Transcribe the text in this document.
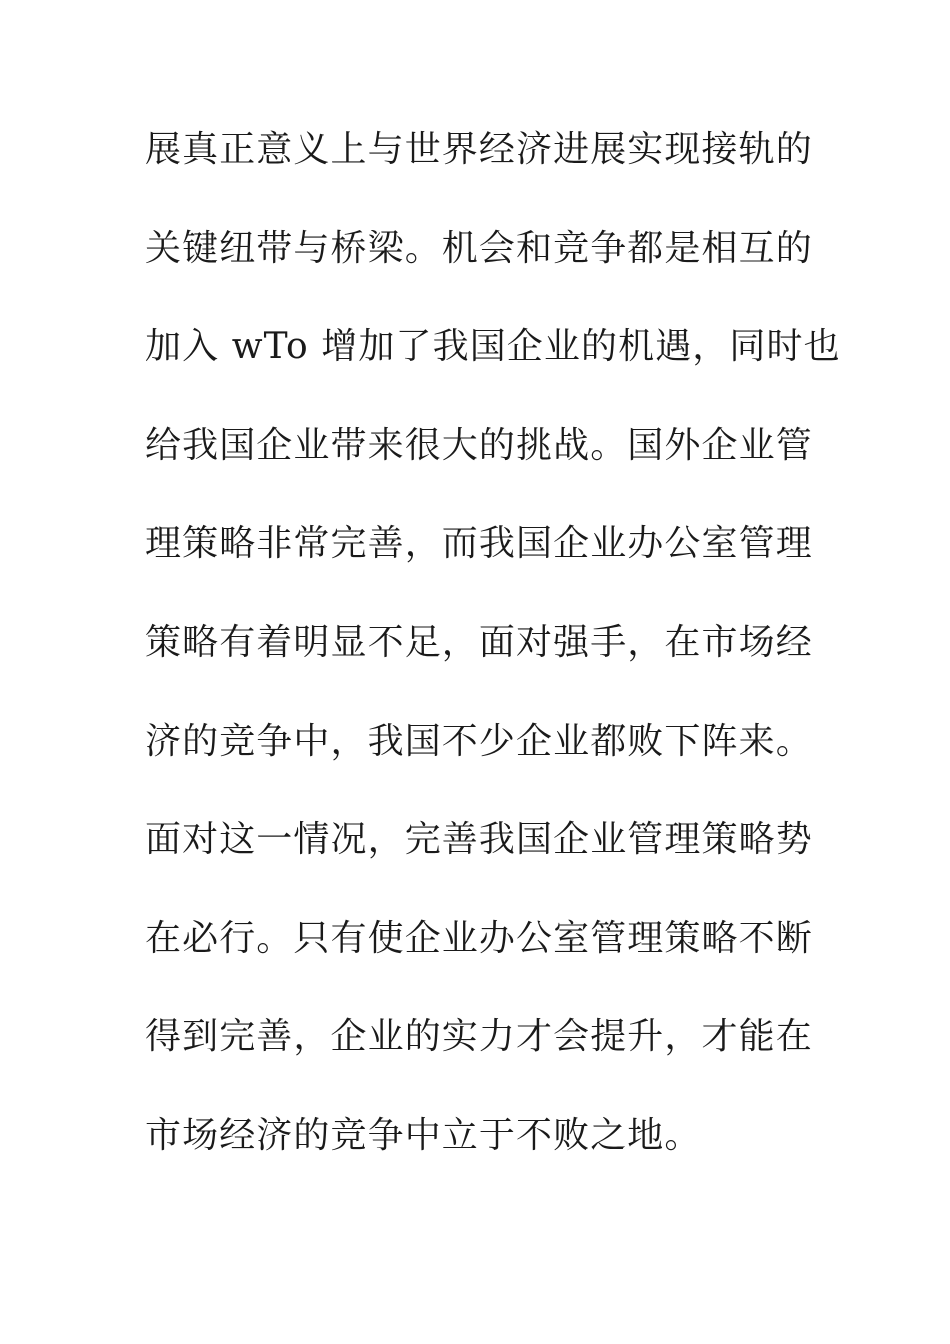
展真正意义上与世界经济进展实现接轨的
关键纽带与桥梁。机会和竞争都是相互的
加入 wTo 增加了我国企业的机遇，同时也
给我国企业带来很大的挑战。国外企业管
理策略非常完善，而我国企业办公室管理
策略有着明显不足，面对强手，在市场经
济的竞争中，我国不少企业都败下阵来。
面对这一情况，完善我国企业管理策略势
在必行。只有使企业办公室管理策略不断
得到完善，企业的实力才会提升，才能在
市场经济的竞争中立于不败之地。
